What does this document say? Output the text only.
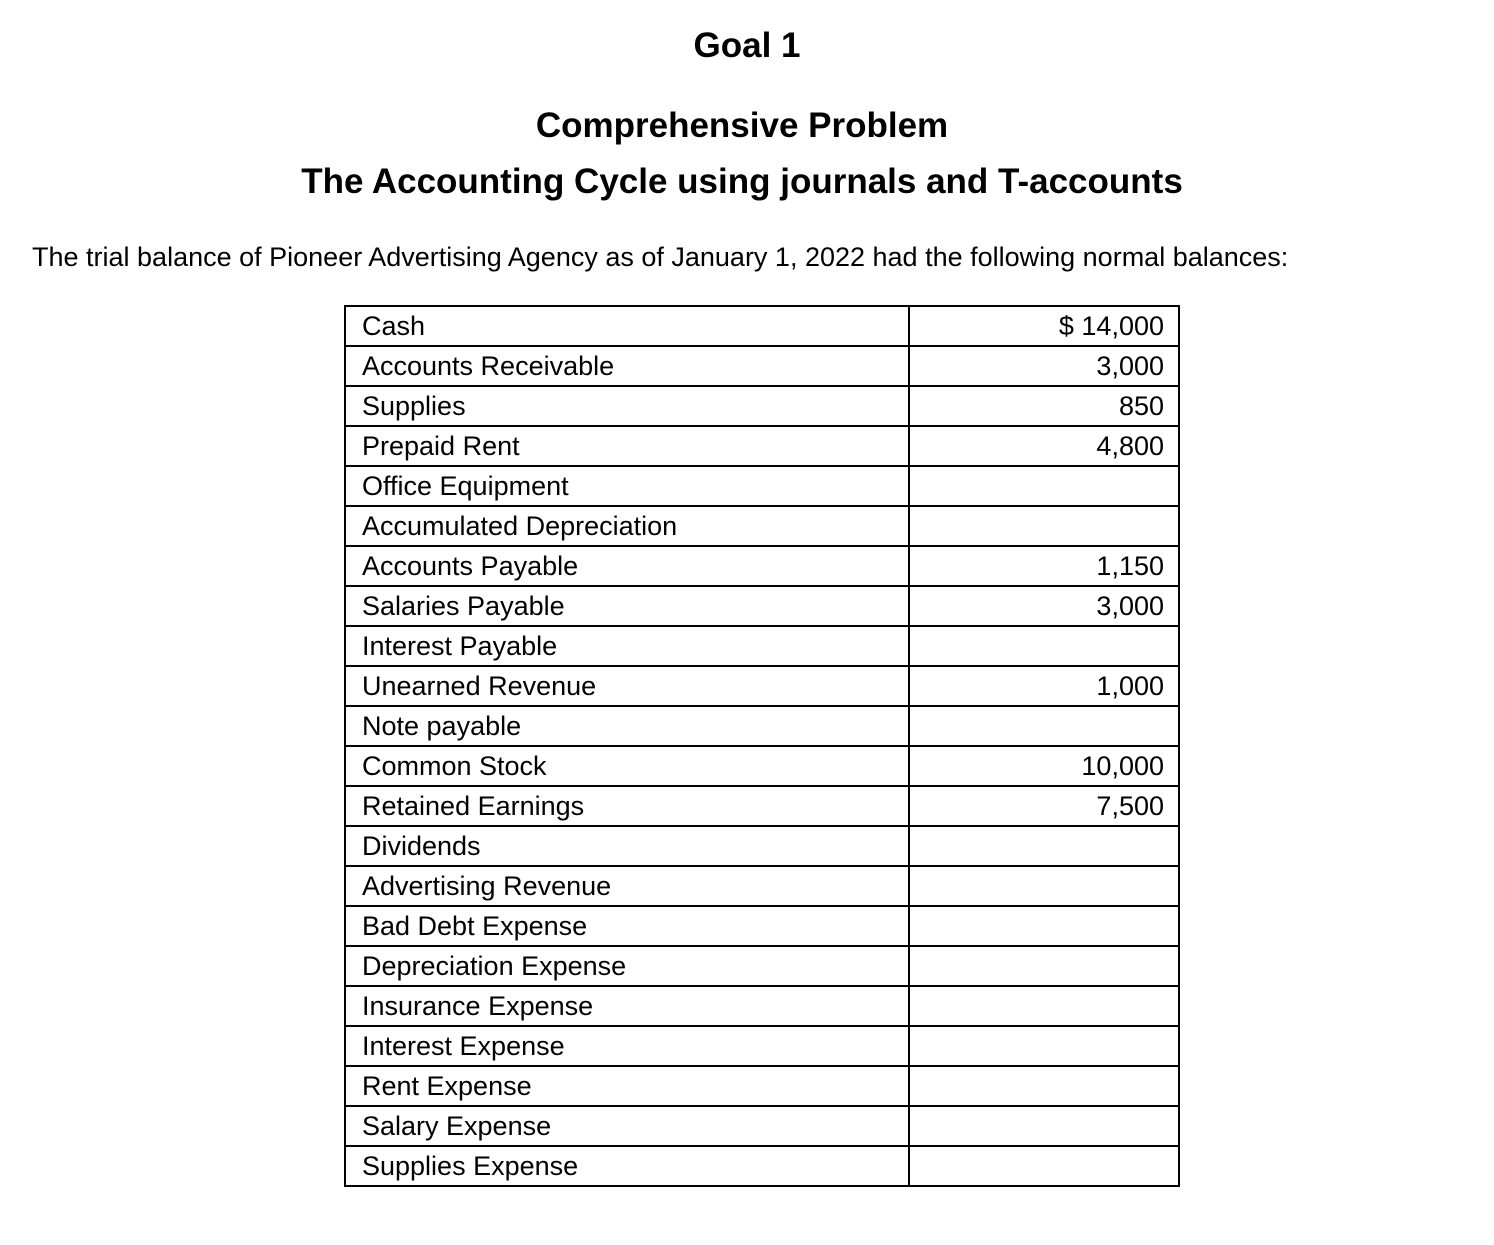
Goal 1
Comprehensive Problem
The Accounting Cycle using journals and T-accounts
The trial balance of Pioneer Advertising Agency as of January 1, 2022 had the following normal balances:
Cash	$ 14,000
Accounts Receivable	3,000
Supplies	850
Prepaid Rent	4,800
Office Equipment	
Accumulated Depreciation	
Accounts Payable	1,150
Salaries Payable	3,000
Interest Payable	
Unearned Revenue	1,000
Note payable	
Common Stock	10,000
Retained Earnings	7,500
Dividends	
Advertising Revenue	
Bad Debt Expense	
Depreciation Expense	
Insurance Expense	
Interest Expense	
Rent Expense	
Salary Expense	
Supplies Expense	
